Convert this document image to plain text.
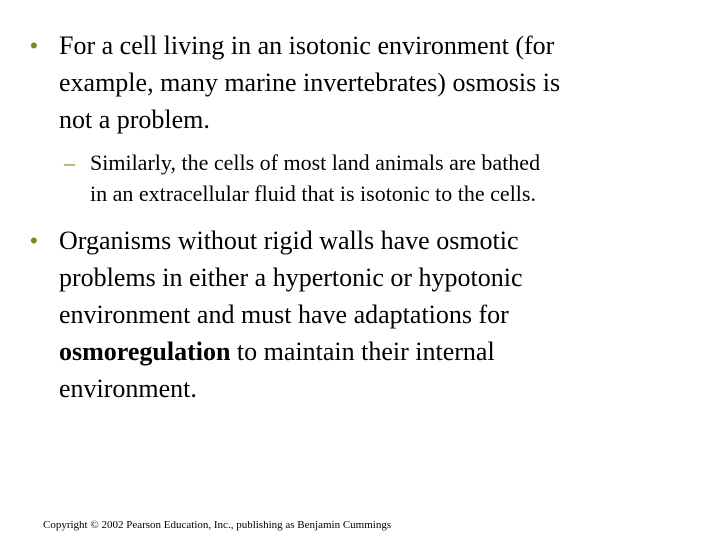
• For a cell living in an isotonic environment (for
example, many marine invertebrates) osmosis is
not a problem.
– Similarly, the cells of most land animals are bathed
in an extracellular fluid that is isotonic to the cells.
• Organisms without rigid walls have osmotic
problems in either a hypertonic or hypotonic
environment and must have adaptations for
osmoregulation to maintain their internal
environment.
Copyright © 2002 Pearson Education, Inc., publishing as Benjamin Cummings
